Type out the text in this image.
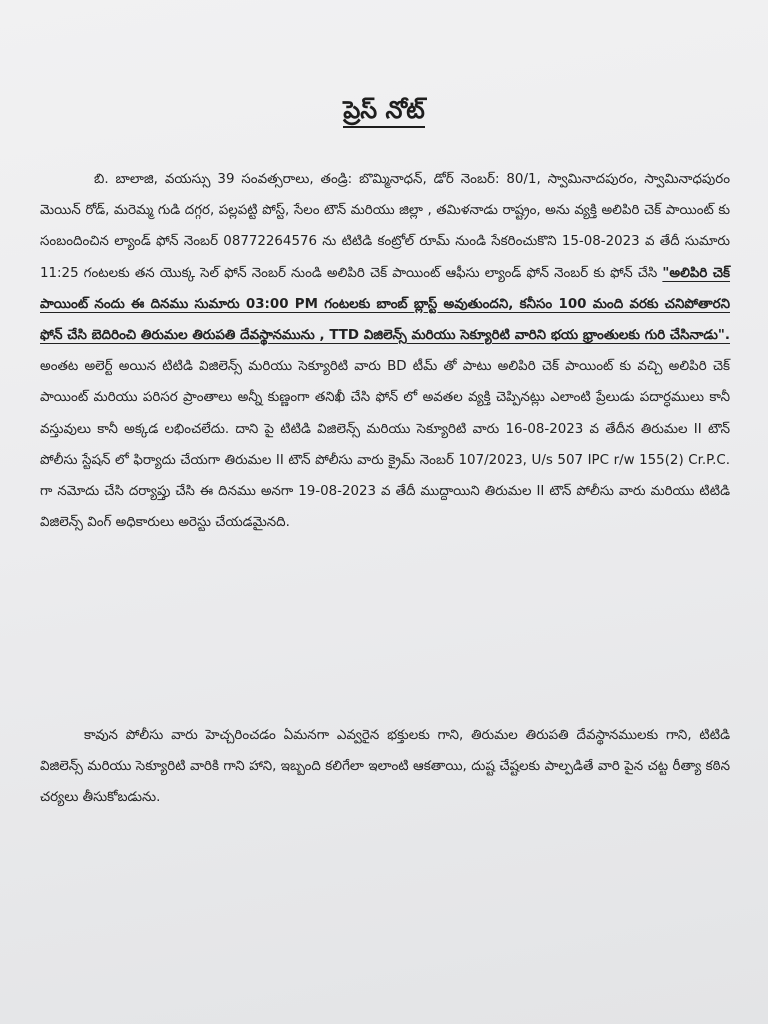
ప్రెస్ నోట్
బి. బాలాజి, వయస్సు 39 సంవత్సరాలు, తండ్రి: బొమ్మినాధన్, డోర్ నెంబర్: 80/1, స్వామినాదపురం, స్వామినాధపురం మెయిన్ రోడ్, మరెమ్మ గుడి దగ్గర, పల్లపట్టి పోస్ట్, సేలం టౌన్ మరియు జిల్లా , తమిళనాడు రాష్ట్రం, అను వ్యక్తి అలిపిరి చెక్ పాయింట్ కు సంబందించిన ల్యాండ్ ఫోన్ నెంబర్ 08772264576 ను టిటిడి కంట్రోల్ రూమ్ నుండి సేకరించుకొని 15-08-2023 వ తేదీ సుమారు 11:25 గంటలకు తన యొక్క సెల్ ఫోన్ నెంబర్ నుండి అలిపిరి చెక్ పాయింట్ ఆఫీసు ల్యాండ్ ఫోన్ నెంబర్ కు ఫోన్ చేసి "అలిపిరి చెక్ పాయింట్ నందు ఈ దినము సుమారు 03:00 PM గంటలకు బాంబ్ బ్లాస్ట్ అవుతుందని, కనీసం 100 మంది వరకు చనిపోతారని ఫోన్ చేసి బెదిరించి తిరుమల తిరుపతి దేవస్థానమును , TTD విజిలెన్స్ మరియు సెక్యూరిటి వారిని భయ భ్రాంతులకు గురి చేసినాడు". అంతట అలెర్ట్ అయిన టిటిడి విజిలెన్స్ మరియు సెక్యూరిటి వారు BD టీమ్ తో పాటు అలిపిరి చెక్ పాయింట్ కు వచ్చి అలిపిరి చెక్ పాయింట్ మరియు పరిసర ప్రాంతాలు అన్నీ కుణ్ణంగా తనిఖీ చేసి ఫోన్ లో అవతల వ్యక్తి చెప్పినట్లు ఎలాంటి ప్రేలుడు పదార్ధములు కానీ వస్తువులు కానీ అక్కడ లభించలేదు. దాని పై టిటిడి విజిలెన్స్ మరియు సెక్యూరిటి వారు 16-08-2023 వ తేదీన తిరుమల II టౌన్ పోలీసు స్టేషన్ లో ఫిర్యాదు చేయగా తిరుమల II టౌన్ పోలీసు వారు క్రైమ్ నెంబర్ 107/2023, U/s 507 IPC r/w 155(2) Cr.P.C. గా నమోదు చేసి దర్యాప్తు చేసి ఈ దినము అనగా 19-08-2023 వ తేదీ ముద్దాయిని తిరుమల II టౌన్ పోలీసు వారు మరియు టిటిడి విజిలెన్స్ వింగ్ అధికారులు అరెస్టు చేయడమైనది.
కావున పోలీసు వారు హెచ్చరించడం ఏమనగా ఎవ్వరైన భక్తులకు గాని, తిరుమల తిరుపతి దేవస్థానములకు గాని, టిటిడి విజిలెన్స్ మరియు సెక్యూరిటి వారికి గాని హాని, ఇబ్బంది కలిగేలా ఇలాంటి ఆకతాయి, దుష్ట చేష్టలకు పాల్పడితే వారి పైన చట్ట రీత్యా కఠిన చర్యలు తీసుకోబడును.
